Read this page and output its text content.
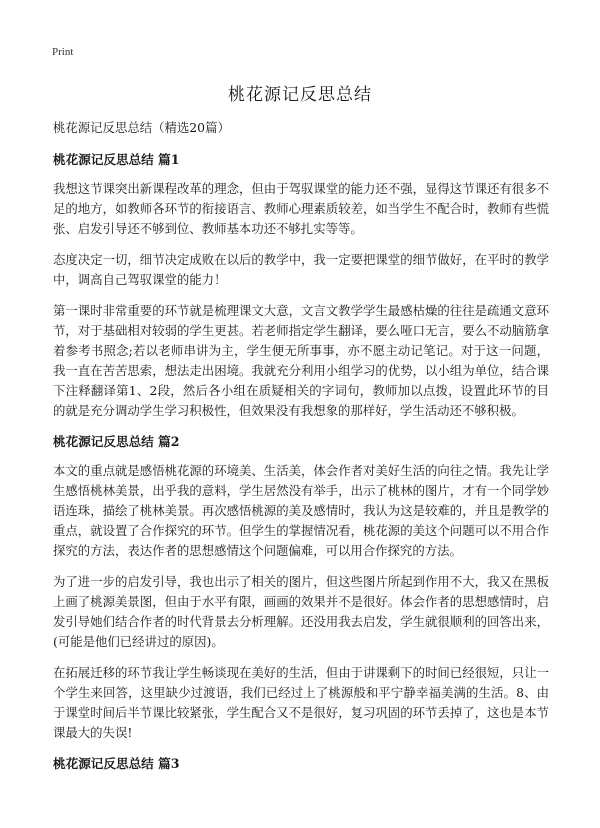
Print
桃花源记反思总结

桃花源记反思总结（精选20篇）

桃花源记反思总结 篇1

我想这节课突出新课程改革的理念，但由于驾驭课堂的能力还不强，显得这节课还有很多不足的地方，如教师各环节的衔接语言、教师心理素质较差，如当学生不配合时，教师有些慌张、启发引导还不够到位、教师基本功还不够扎实等等。

态度决定一切，细节决定成败在以后的教学中，我一定要把课堂的细节做好，在平时的教学中，调高自己驾驭课堂的能力！

第一课时非常重要的环节就是梳理课文大意，文言文教学学生最感枯燥的往往是疏通文意环节，对于基础相对较弱的学生更甚。若老师指定学生翻译，要么哑口无言，要么不动脑筋拿着参考书照念;若以老师串讲为主，学生便无所事事，亦不愿主动记笔记。对于这一问题，我一直在苦苦思索，想法走出困境。我就充分利用小组学习的优势，以小组为单位，结合课下注释翻译第1、2段，然后各小组在质疑相关的字词句，教师加以点拨，设置此环节的目的就是充分调动学生学习积极性，但效果没有我想象的那样好，学生活动还不够积极。

桃花源记反思总结 篇2

本文的重点就是感悟桃花源的环境美、生活美，体会作者对美好生活的向往之情。我先让学生感悟桃林美景，出乎我的意料，学生居然没有举手，出示了桃林的图片，才有一个同学妙语连珠，描绘了桃林美景。再次感悟桃源的美及感情时，我认为这是较难的，并且是教学的重点，就设置了合作探究的环节。但学生的掌握情况看，桃花源的美这个问题可以不用合作探究的方法，表达作者的思想感情这个问题偏难，可以用合作探究的方法。

为了进一步的启发引导，我也出示了相关的图片，但这些图片所起到作用不大，我又在黑板上画了桃源美景图，但由于水平有限，画画的效果并不是很好。体会作者的思想感情时，启发引导她们结合作者的时代背景去分析理解。还没用我去启发，学生就很顺利的回答出来，(可能是他们已经讲过的原因)。

在拓展迁移的环节我让学生畅谈现在美好的生活，但由于讲课剩下的时间已经很短，只让一个学生来回答，这里缺少过渡语，我们已经过上了桃源般和平宁静幸福美满的生活。8、由于课堂时间后半节课比较紧张，学生配合又不是很好，复习巩固的环节丢掉了，这也是本节课最大的失误!

桃花源记反思总结 篇3
